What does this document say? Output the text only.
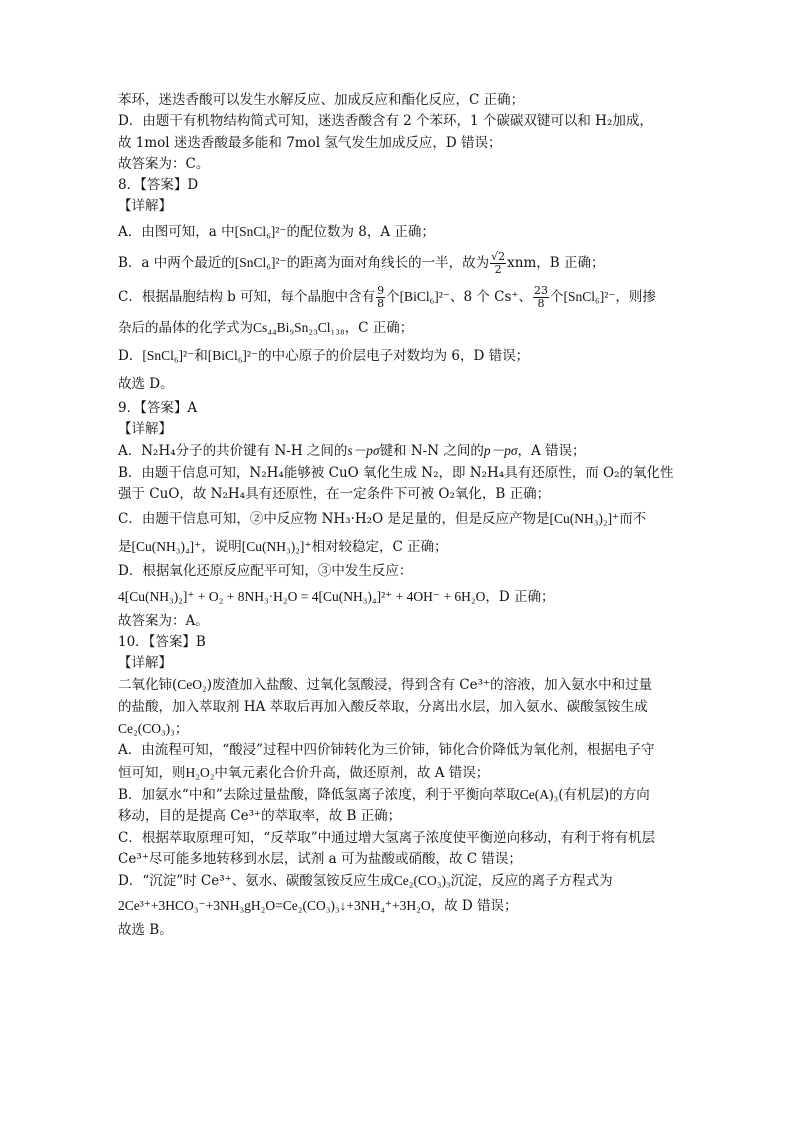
苯环，迷迭香酸可以发生水解反应、加成反应和酯化反应，C 正确；
D．由题干有机物结构简式可知，迷迭香酸含有 2 个苯环，1 个碳碳双键可以和 H₂加成，
故 1mol 迷迭香酸最多能和 7mol 氢气发生加成反应，D 错误；
故答案为：C。
8．【答案】D
【详解】
A．由图可知，a 中[SnCl₆]²⁻的配位数为 8，A 正确；
B．a 中两个最近的[SnCl₆]²⁻的距离为面对角线长的一半，故为 $\frac{√2}{2}$ xnm，B 正确；
C．根据晶胞结构 b 可知，每个晶胞中含有 $\frac{9}{8}$ 个[BiCl₆]²⁻、8 个 Cs⁺、 $\frac{23}{8}$ 个[SnCl₆]²⁻，则掺
杂后的晶体的化学式为Cs₄₄Bi₉Sn₂₃Cl₁₃₈，C 正确；
D．[SnCl₆]²⁻和[BiCl₆]²⁻的中心原子的价层电子对数均为 6，D 错误；
故选 D。
9．【答案】A
【详解】
A．N₂H₄分子的共价键有 N-H 之间的s－pσ键和 N-N 之间的p－pσ，A 错误；
B．由题干信息可知，N₂H₄能够被 CuO 氧化生成 N₂，即 N₂H₄具有还原性，而 O₂的氧化性
强于 CuO，故 N₂H₄具有还原性，在一定条件下可被 O₂氧化，B 正确；
C．由题干信息可知，②中反应物 NH₃·H₂O 是足量的，但是反应产物是[Cu(NH₃)₂]⁺而不
是[Cu(NH₃)₄]⁺，说明[Cu(NH₃)₂]⁺相对较稳定，C 正确；
D．根据氧化还原反应配平可知，③中发生反应：
4[Cu(NH₃)₂]⁺ + O₂ + 8NH₃·H₂O = 4[Cu(NH₃)₄]²⁺ + 4OH⁻ + 6H₂O，D 正确；
故答案为：A。
10．【答案】B
【详解】
二氧化铈(CeO₂)废渣加入盐酸、过氧化氢酸浸，得到含有 Ce³⁺的溶液，加入氨水中和过量
的盐酸，加入萃取剂 HA 萃取后再加入酸反萃取，分离出水层，加入氨水、碳酸氢铵生成
Ce₂(CO₃)₃；
A．由流程可知，“酸浸”过程中四价铈转化为三价铈，铈化合价降低为氧化剂，根据电子守
恒可知，则H₂O₂中氧元素化合价升高，做还原剂，故 A 错误；
B．加氨水“中和”去除过量盐酸，降低氢离子浓度，利于平衡向萃取Ce(A)₃(有机层)的方向
移动，目的是提高 Ce³⁺的萃取率，故 B 正确；
C．根据萃取原理可知，“反萃取”中通过增大氢离子浓度使平衡逆向移动，有利于将有机层
Ce³⁺尽可能多地转移到水层，试剂 a 可为盐酸或硝酸，故 C 错误；
D．“沉淀”时 Ce³⁺、氨水、碳酸氢铵反应生成Ce₂(CO₃)₃沉淀，反应的离子方程式为
2Ce³⁺+3HCO₃⁻+3NH₃gH₂O=Ce₂(CO₃)₃↓+3NH₄⁺+3H₂O，故 D 错误；
故选 B。
